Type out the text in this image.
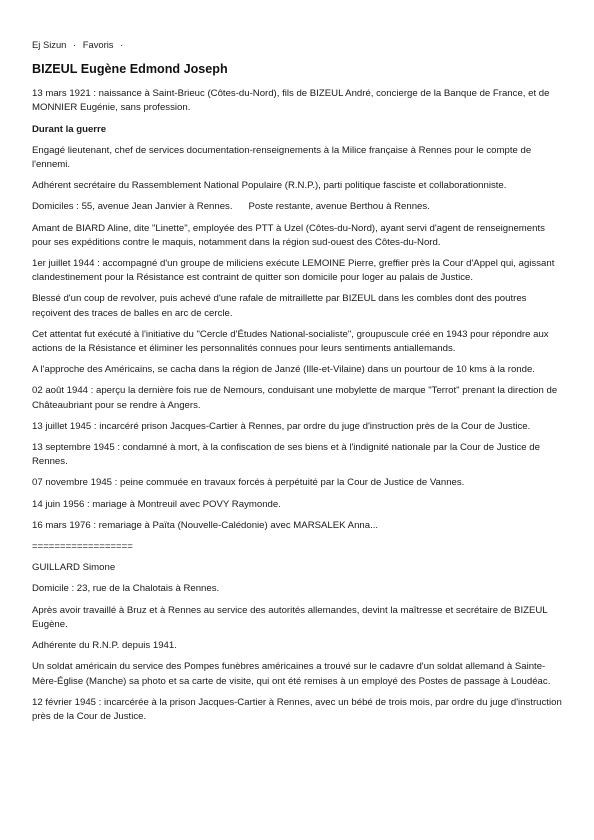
Ej Sizun · Favoris ·
BIZEUL Eugène Edmond Joseph

13 mars 1921 : naissance à Saint-Brieuc (Côtes-du-Nord), fils de BIZEUL André, concierge de la Banque de France, et de MONNIER Eugénie, sans profession.

Durant la guerre

Engagé lieutenant, chef de services documentation-renseignements à la Milice française à Rennes pour le compte de l'ennemi.

Adhérent secrétaire du Rassemblement National Populaire (R.N.P.), parti politique fasciste et collaborationniste.

Domiciles : 55, avenue Jean Janvier à Rennes. Poste restante, avenue Berthou à Rennes.

Amant de BIARD Aline, dite "Linette", employée des PTT à Uzel (Côtes-du-Nord), ayant servi d'agent de renseignements pour ses expéditions contre le maquis, notamment dans la région sud-ouest des Côtes-du-Nord.

1er juillet 1944 : accompagné d'un groupe de miliciens exécute LEMOINE Pierre, greffier près la Cour d'Appel qui, agissant clandestinement pour la Résistance est contraint de quitter son domicile pour loger au palais de Justice.

Blessé d'un coup de revolver, puis achevé d'une rafale de mitraillette par BIZEUL dans les combles dont des poutres reçoivent des traces de balles en arc de cercle.

Cet attentat fut exécuté à l'initiative du "Cercle d'Études National-socialiste", groupuscule créé en 1943 pour répondre aux actions de la Résistance et éliminer les personnalités connues pour leurs sentiments antiallemands.

A l'approche des Américains, se cacha dans la région de Janzé (Ille-et-Vilaine) dans un pourtour de 10 kms à la ronde.

02 août 1944 : aperçu la dernière fois rue de Nemours, conduisant une mobylette de marque "Terrot" prenant la direction de Châteaubriant pour se rendre à Angers.

13 juillet 1945 : incarcéré prison Jacques-Cartier à Rennes, par ordre du juge d'instruction près de la Cour de Justice.

13 septembre 1945 : condamné à mort, à la confiscation de ses biens et à l'indignité nationale par la Cour de Justice de Rennes.

07 novembre 1945 : peine commuée en travaux forcés à perpétuité par la Cour de Justice de Vannes.

14 juin 1956 : mariage à Montreuil avec POVY Raymonde.

16 mars 1976 : remariage à Païta (Nouvelle-Calédonie) avec MARSALEK Anna...

==================

GUILLARD Simone

Domicile : 23, rue de la Chalotais à Rennes.

Après avoir travaillé à Bruz et à Rennes au service des autorités allemandes, devint la maîtresse et secrétaire de BIZEUL Eugène.

Adhérente du R.N.P. depuis 1941.

Un soldat américain du service des Pompes funèbres américaines a trouvé sur le cadavre d'un soldat allemand à Sainte-Mère-Église (Manche) sa photo et sa carte de visite, qui ont été remises à un employé des Postes de passage à Loudéac.

12 février 1945 : incarcérée à la prison Jacques-Cartier à Rennes, avec un bébé de trois mois, par ordre du juge d'instruction près de la Cour de Justice.
